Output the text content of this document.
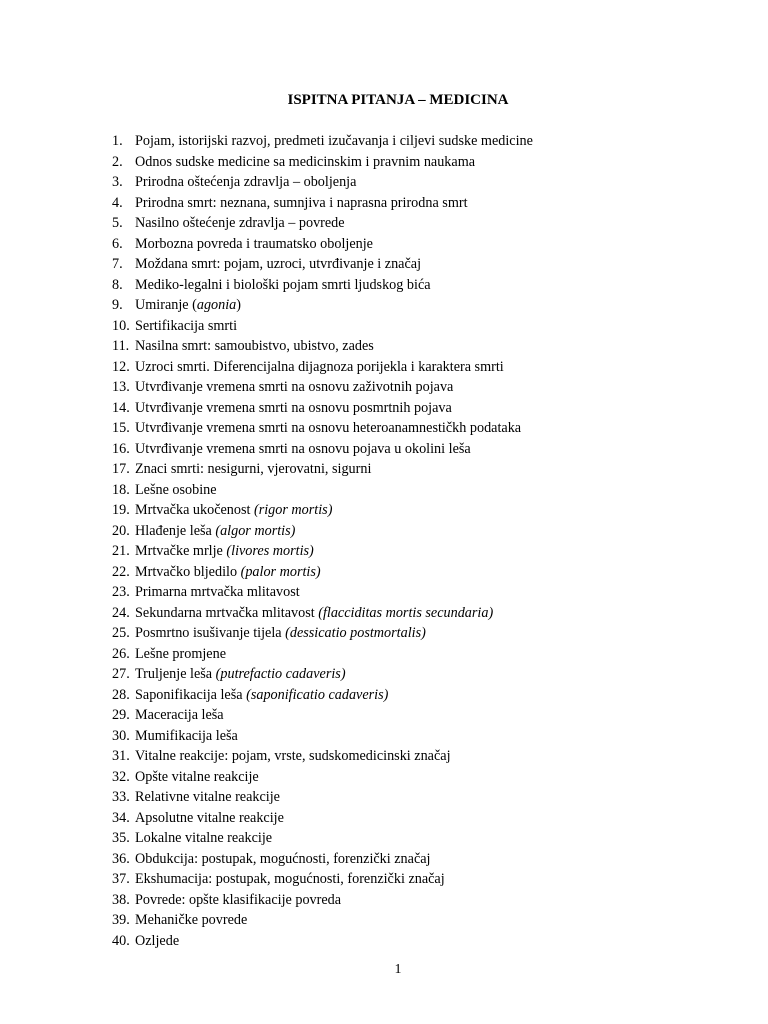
ISPITNA PITANJA – MEDICINA
1. Pojam, istorijski razvoj, predmeti izučavanja i ciljevi sudske medicine
2. Odnos sudske medicine sa medicinskim i pravnim naukama
3. Prirodna oštećenja zdravlja – oboljenja
4. Prirodna smrt: neznana, sumnjiva i naprasna prirodna smrt
5. Nasilno oštećenje zdravlja – povrede
6. Morbozna povreda i traumatsko oboljenje
7. Moždana smrt: pojam, uzroci, utvrđivanje i značaj
8. Mediko-legalni i biološki pojam smrti ljudskog bića
9. Umiranje (agonia)
10. Sertifikacija smrti
11. Nasilna smrt: samoubistvo, ubistvo, zades
12. Uzroci smrti. Diferencijalna dijagnoza porijekla i karaktera smrti
13. Utvrđivanje vremena smrti na osnovu zaživotnih pojava
14. Utvrđivanje vremena smrti na osnovu posmrtnih pojava
15. Utvrđivanje vremena smrti na osnovu heteroanamnestičkh podataka
16. Utvrđivanje vremena smrti na osnovu pojava u okolini leša
17. Znaci smrti: nesigurni, vjerovatni, sigurni
18. Lešne osobine
19. Mrtvačka ukočenost (rigor mortis)
20. Hlađenje leša (algor mortis)
21. Mrtvačke mrlje (livores mortis)
22. Mrtvačko bljedilo (palor mortis)
23. Primarna mrtvačka mlitavost
24. Sekundarna mrtvačka mlitavost (flacciditas mortis secundaria)
25. Posmrtno isušivanje tijela (dessicatio postmortalis)
26. Lešne promjene
27. Truljenje leša (putrefactio cadaveris)
28. Saponifikacija leša (saponificatio cadaveris)
29. Maceracija leša
30. Mumifikacija leša
31. Vitalne reakcije: pojam, vrste, sudskomedicinski značaj
32. Opšte vitalne reakcije
33. Relativne vitalne reakcije
34. Apsolutne vitalne reakcije
35. Lokalne vitalne reakcije
36. Obdukcija: postupak, mogućnosti, forenzički značaj
37. Ekshumacija: postupak, mogućnosti, forenzički značaj
38. Povrede: opšte klasifikacije povreda
39. Mehaničke povrede
40. Ozljede
1
